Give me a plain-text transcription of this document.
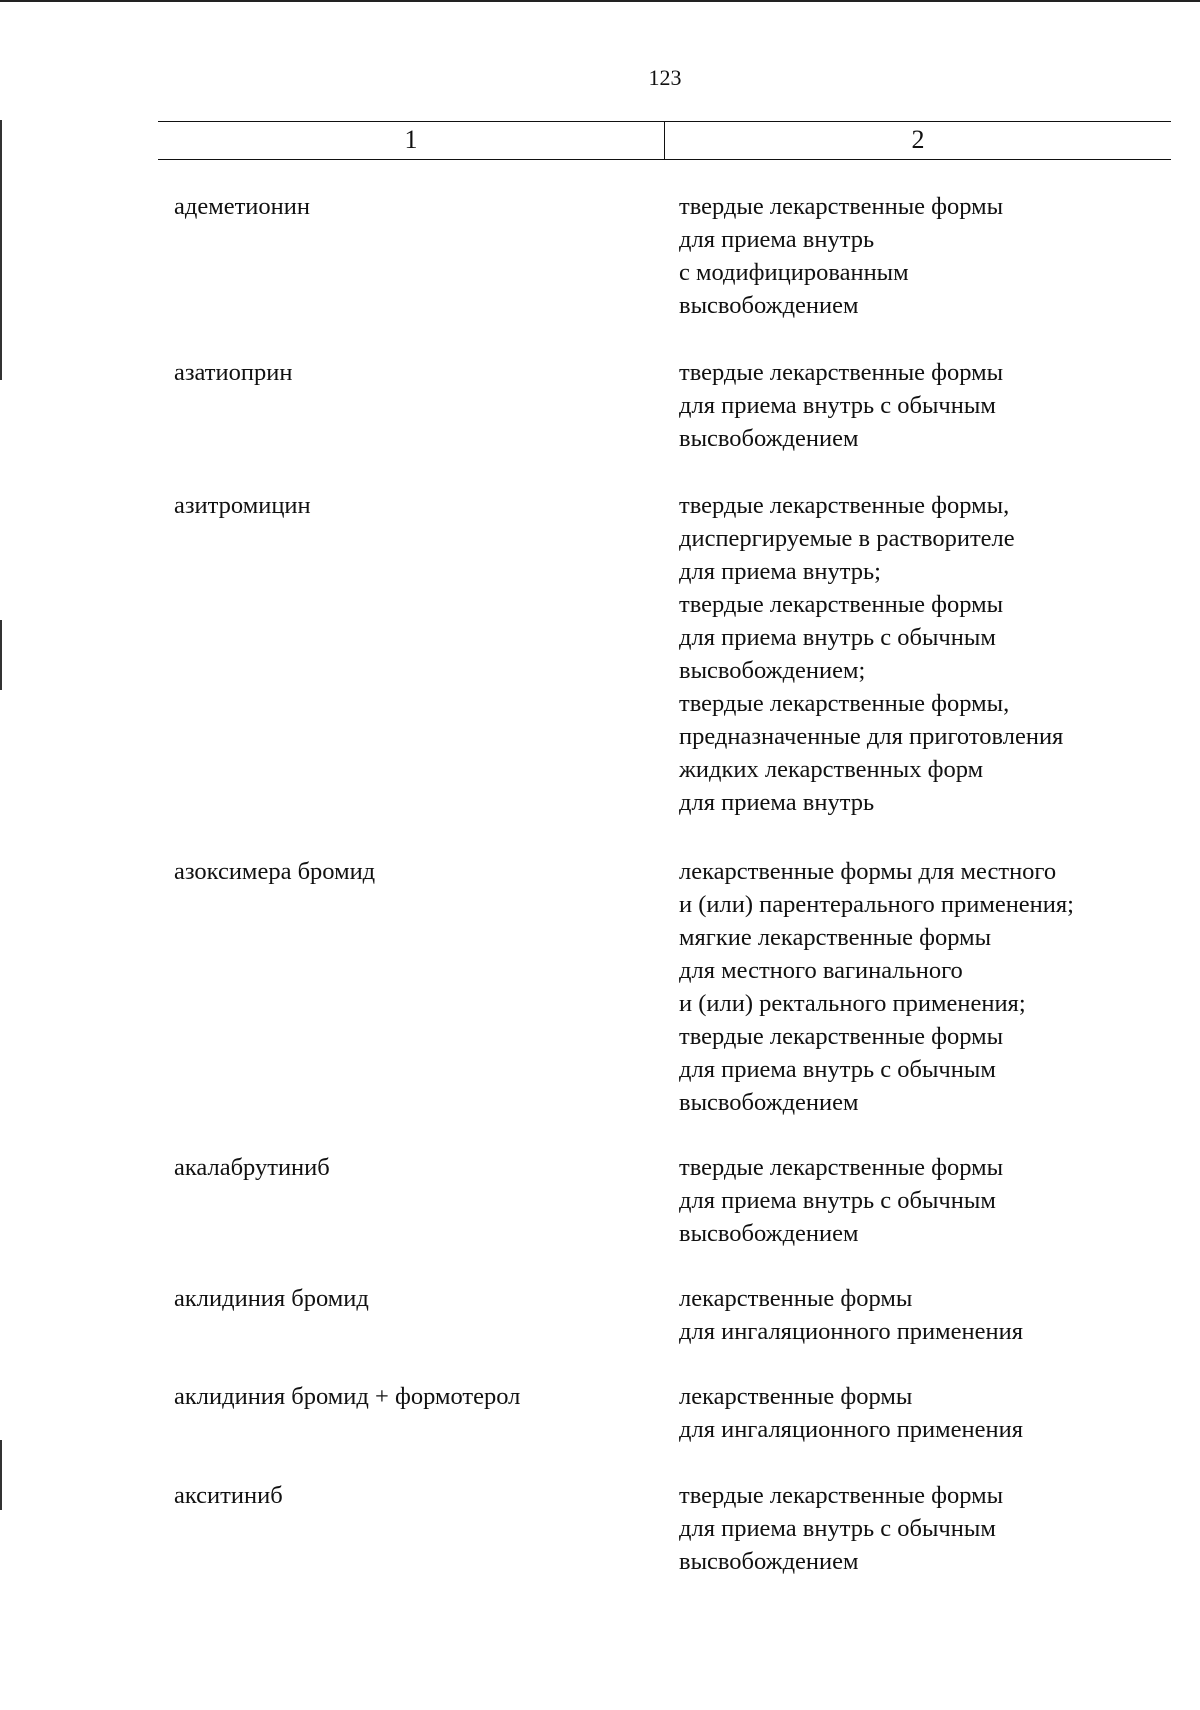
123
1	2
адеметионин	твердые лекарственные формы
для приема внутрь
с модифицированным
высвобождением
азатиоприн	твердые лекарственные формы
для приема внутрь с обычным
высвобождением
азитромицин	твердые лекарственные формы,
диспергируемые в растворителе
для приема внутрь;
твердые лекарственные формы
для приема внутрь с обычным
высвобождением;
твердые лекарственные формы,
предназначенные для приготовления
жидких лекарственных форм
для приема внутрь
азоксимера бромид	лекарственные формы для местного
и (или) парентерального применения;
мягкие лекарственные формы
для местного вагинального
и (или) ректального применения;
твердые лекарственные формы
для приема внутрь с обычным
высвобождением
акалабрутиниб	твердые лекарственные формы
для приема внутрь с обычным
высвобождением
аклидиния бромид	лекарственные формы
для ингаляционного применения
аклидиния бромид + формотерол	лекарственные формы
для ингаляционного применения
акситиниб	твердые лекарственные формы
для приема внутрь с обычным
высвобождением
